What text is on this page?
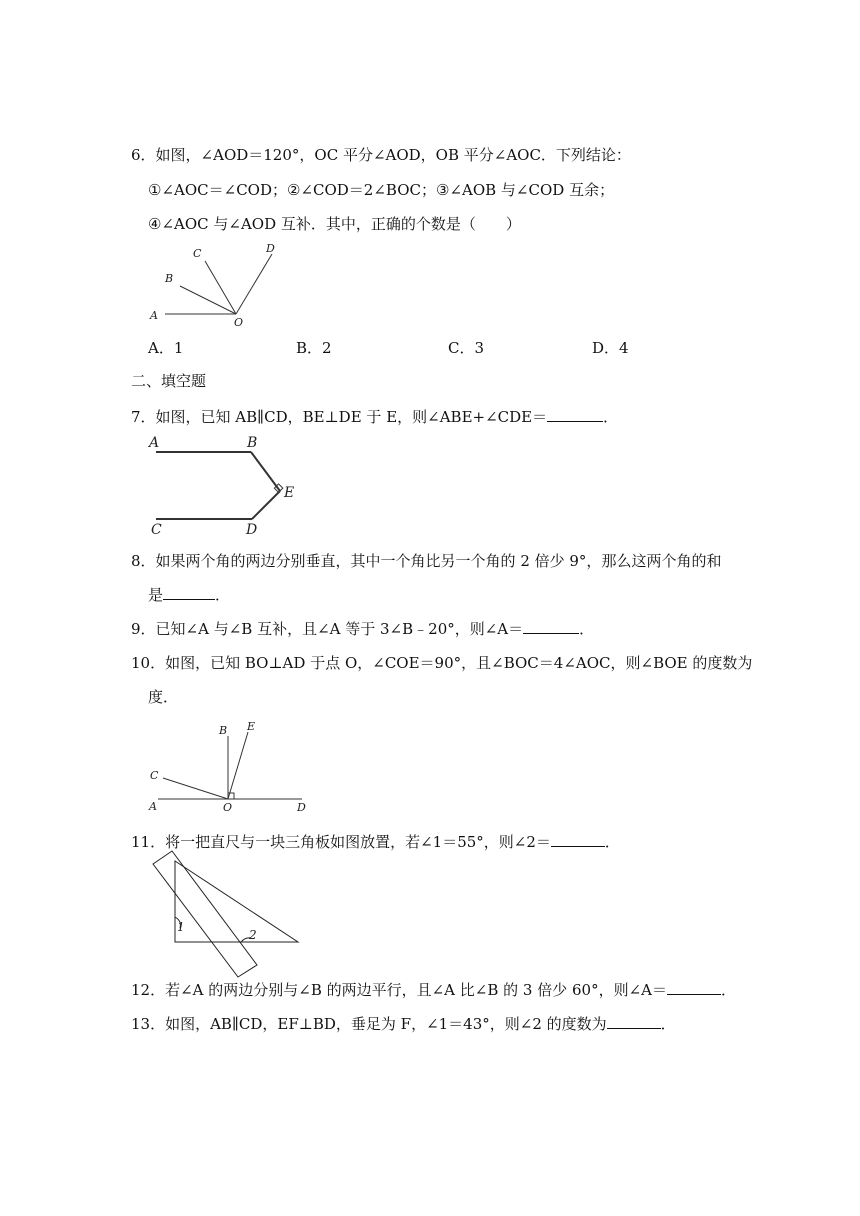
6．如图，∠AOD＝120°，OC 平分∠AOD，OB 平分∠AOC．下列结论：
①∠AOC＝∠COD；②∠COD＝2∠BOC；③∠AOB 与∠COD 互余；
④∠AOC 与∠AOD 互补．其中，正确的个数是（　　）
A
B
C	D
O
A．1	B．2	C．3	D．4
二、填空题
7．如图，已知 AB∥CD，BE⊥DE 于 E，则∠ABE+∠CDE＝	．
A	B
E
C	D
8．如果两个角的两边分别垂直，其中一个角比另一个角的 2 倍少 9°，那么这两个角的和
是	．
9．已知∠A 与∠B 互补，且∠A 等于 3∠B﹣20°，则∠A＝	．
10．如图，已知 BO⊥AD 于点 O，∠COE＝90°，且∠BOC＝4∠AOC，则∠BOE 的度数为
度．
B E
C
A	O	D
11．将一把直尺与一块三角板如图放置，若∠1＝55°，则∠2＝	．
1
2
12．若∠A 的两边分别与∠B 的两边平行，且∠A 比∠B 的 3 倍少 60°，则∠A＝	．
13．如图，AB∥CD，EF⊥BD，垂足为 F，∠1＝43°，则∠2 的度数为	．
